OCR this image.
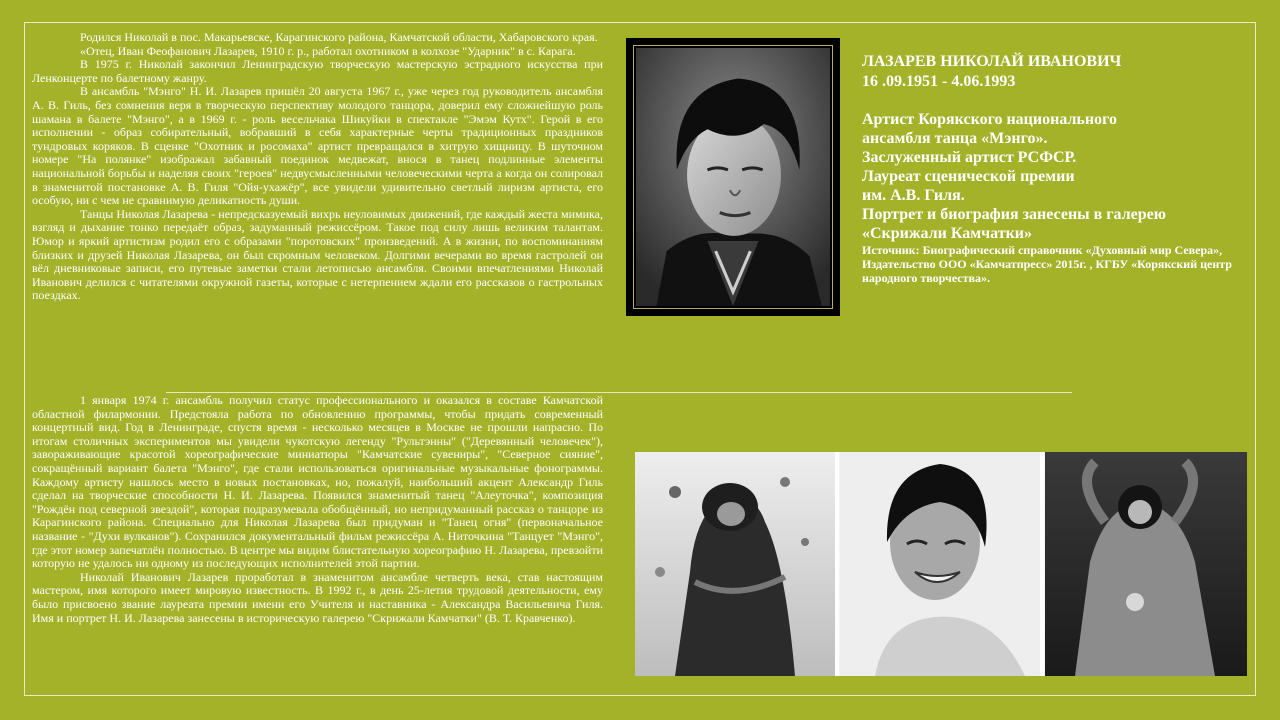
Родился Николай в пос. Макарьевске, Карагинского района, Камчатской области, Хабаровского края.

«Отец, Иван Феофанович Лазарев, 1910 г. р., работал охотником в колхозе "Ударник" в с. Карага.

В 1975 г. Николай закончил Ленинградскую творческую мастерскую эстрадного искусства при Ленконцерте по балетному жанру.

В ансамбль "Мэнго" Н. И. Лазарев пришёл 20 августа 1967 г., уже через год руководитель ансамбля А. В. Гиль, без сомнения веря в творческую перспективу молодого танцора, доверил ему сложнейшую роль шамана в балете "Мэнго", а в 1969 г. - роль весельчака Шикуйки в спектакле "Эмэм Кутх". Герой в его исполнении - образ собирательный, вобравший в себя характерные черты традиционных праздников тундровых коряков. В сценке "Охотник и росомаха" артист превращался в хитрую хищницу. В шуточном номере "На полянке" изображал забавный поединок медвежат, внося в танец подлинные элементы национальной борьбы и наделяя своих "героев" недвусмысленными человеческими черта а когда он солировал в знаменитой постановке А. В. Гиля "Ойя-ухажёр", все увидели удивительно светлый лиризм артиста, его особую, ни с чем не сравнимую деликатность души.

Танцы Николая Лазарева - непредсказуемый вихрь неуловимых движений, где каждый жеста мимика, взгляд и дыхание тонко передаёт образ, задуманный режиссёром. Такое под силу лишь великим талантам. Юмор и яркий артистизм родил его с образами "поротовских" произведений. А в жизни, по воспоминаниям близких и друзей Николая Лазарева, он был скромным человеком. Долгими вечерами во время гастролей он вёл дневниковые записи, его путевые заметки стали летописью ансамбля. Своими впечатлениями Николай Иванович делился с читателями окружной газеты, которые с нетерпением ждали его рассказов о гастрольных поездках.

1 января 1974 г. ансамбль получил статус профессионального и оказался в составе Камчатской областной филармонии. Предстояла работа по обновлению программы, чтобы придать современный концертный вид. Год в Ленинграде, спустя время - несколько месяцев в Москве не прошли напрасно. По итогам столичных экспериментов мы увидели чукотскую легенду "Рультэнны" ("Деревянный человечек"), завораживающие красотой хореографические миниатюры "Камчатские сувениры", "Северное сияние", сокращённый вариант балета "Мэнго", где стали использоваться оригинальные музыкальные фонограммы. Каждому артисту нашлось место в новых постановках, но, пожалуй, наибольший акцент Александр Гиль сделал на творческие способности Н. И. Лазарева. Появился знаменитый танец "Алеуточка", композиция "Рождён под северной звездой", которая подразумевала обобщённый, но непридуманный рассказ о танцоре из Карагинского района. Специально для Николая Лазарева был придуман и "Танец огня" (первоначальное название - "Духи вулканов"). Сохранился документальный фильм режиссёра А. Ниточкина "Танцует "Мэнго", где этот номер запечатлён полностью. В центре мы видим блистательную хореографию Н. Лазарева, превзойти которую не удалось ни одному из последующих исполнителей этой партии.

Николай Иванович Лазарев проработал в знаменитом ансамбле четверть века, став настоящим мастером, имя которого имеет мировую известность. В 1992 г., в день 25-летия трудовой деятельности, ему было присвоено звание лауреата премии имени его Учителя и наставника - Александра Васильевича Гиля. Имя и портрет Н. И. Лазарева занесены в историческую галерею "Скрижали Камчатки" (В. Т. Кравченко).

ЛАЗАРЕВ НИКОЛАЙ ИВАНОВИЧ
16 .09.1951 - 4.06.1993
Артист Корякского национального
ансамбля танца «Мэнго».
Заслуженный артист РСФСР.
Лауреат сценической премии
им. А.В. Гиля.
Портрет и биография занесены в галерею
«Скрижали Камчатки»
Источник: Биографический справочник «Духовный мир Севера», Издательство ООО «Камчатпресс» 2015г. , КГБУ «Корякский центр народного творчества».
